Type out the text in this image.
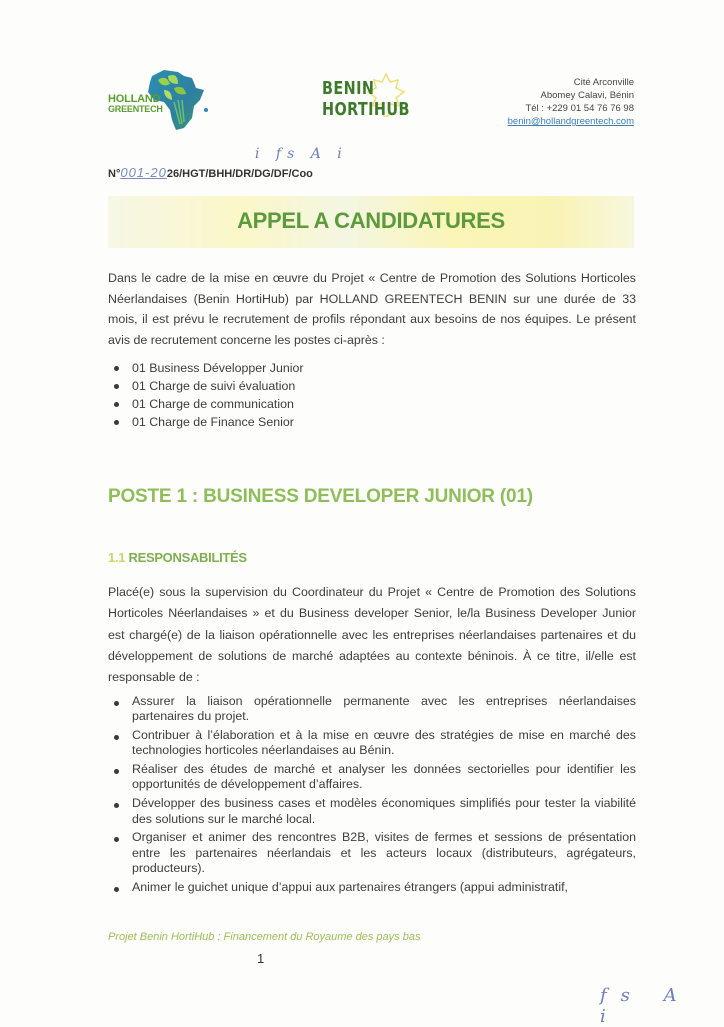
HOLLAND
GREENTECH
BENIN
HORTIHUB
Cité Arconville
Abomey Calavi, Bénin
Tél : +229 01 54 76 76 98
benin@hollandgreentech.com
i fs A i
N°001-2026/HGT/BHH/DR/DG/DF/Coo
APPEL A CANDIDATURES
Dans le cadre de la mise en œuvre du Projet « Centre de Promotion des Solutions Horticoles Néerlandaises (Benin HortiHub) par HOLLAND GREENTECH BENIN sur une durée de 33 mois, il est prévu le recrutement de profils répondant aux besoins de nos équipes. Le présent avis de recrutement concerne les postes ci-après :
01 Business Développer Junior
01 Charge de suivi évaluation
01 Charge de communication
01 Charge de Finance Senior
POSTE 1 : BUSINESS DEVELOPER JUNIOR (01)
1.1 RESPONSABILITÉS
Placé(e) sous la supervision du Coordinateur du Projet « Centre de Promotion des Solutions Horticoles Néerlandaises » et du Business developer Senior, le/la Business Developer Junior est chargé(e) de la liaison opérationnelle avec les entreprises néerlandaises partenaires et du développement de solutions de marché adaptées au contexte béninois. À ce titre, il/elle est responsable de :
Assurer la liaison opérationnelle permanente avec les entreprises néerlandaises partenaires du projet.
Contribuer à l’élaboration et à la mise en œuvre des stratégies de mise en marché des technologies horticoles néerlandaises au Bénin.
Réaliser des études de marché et analyser les données sectorielles pour identifier les opportunités de développement d’affaires.
Développer des business cases et modèles économiques simplifiés pour tester la viabilité des solutions sur le marché local.
Organiser et animer des rencontres B2B, visites de fermes et sessions de présentation entre les partenaires néerlandais et les acteurs locaux (distributeurs, agrégateurs, producteurs).
Animer le guichet unique d’appui aux partenaires étrangers (appui administratif,
Projet Benin HortiHub : Financement du Royaume des pays bas
1
fs A i
